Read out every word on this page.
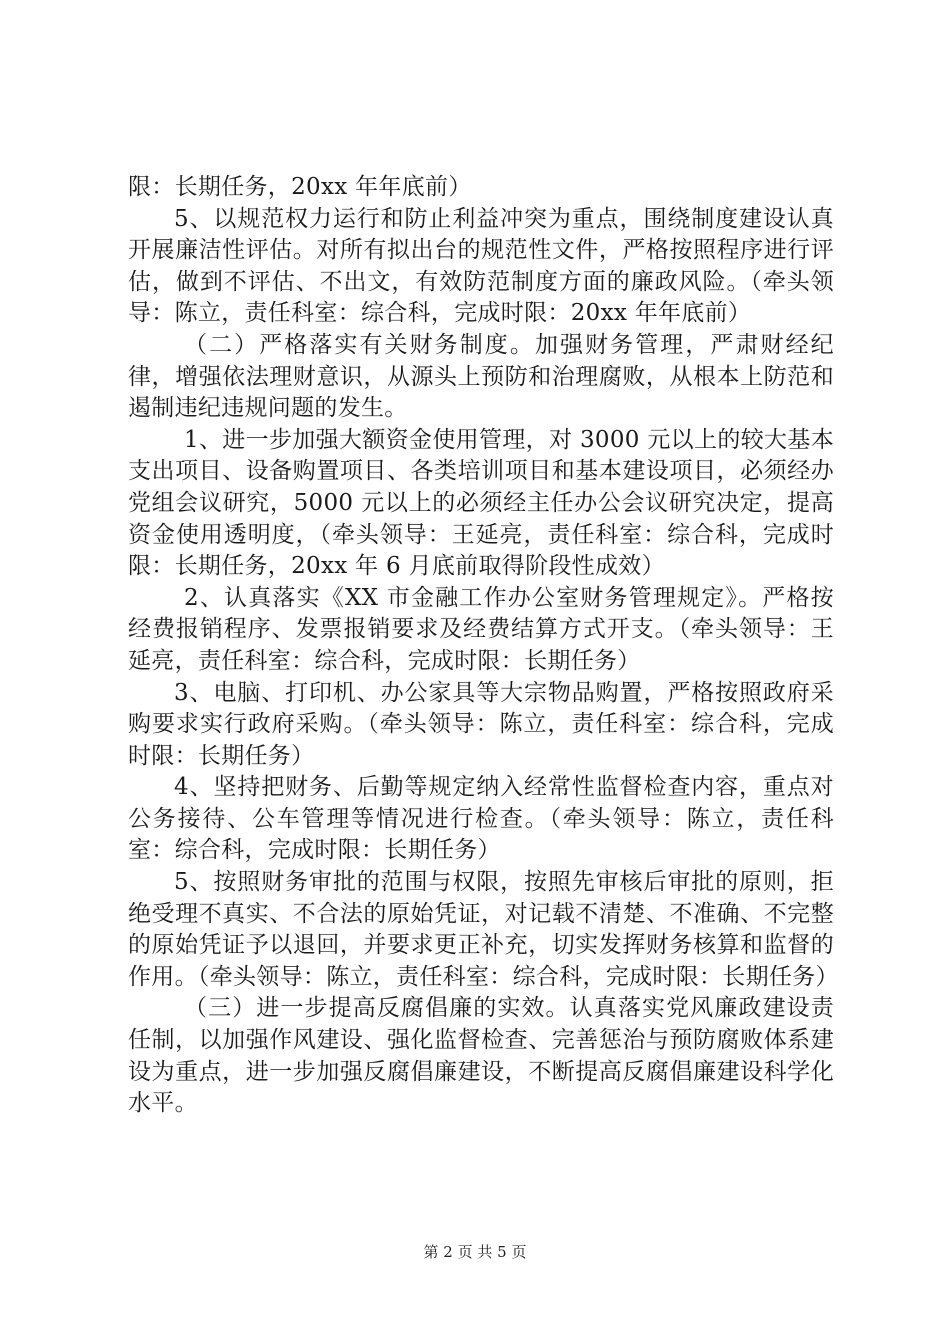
限：长期任务，20xx 年年底前）

5、以规范权力运行和防止利益冲突为重点，围绕制度建设认真开展廉洁性评估。对所有拟出台的规范性文件，严格按照程序进行评估，做到不评估、不出文，有效防范制度方面的廉政风险。（牵头领导：陈立，责任科室：综合科，完成时限：20xx 年年底前）

（二）严格落实有关财务制度。加强财务管理，严肃财经纪律，增强依法理财意识，从源头上预防和治理腐败，从根本上防范和遏制违纪违规问题的发生。

1、进一步加强大额资金使用管理，对 3000 元以上的较大基本支出项目、设备购置项目、各类培训项目和基本建设项目，必须经办党组会议研究，5000 元以上的必须经主任办公会议研究决定，提高资金使用透明度，（牵头领导：王延亮，责任科室：综合科，完成时限：长期任务，20xx 年 6 月底前取得阶段性成效）

2、认真落实《XX 市金融工作办公室财务管理规定》。严格按经费报销程序、发票报销要求及经费结算方式开支。（牵头领导：王延亮，责任科室：综合科，完成时限：长期任务）

3、电脑、打印机、办公家具等大宗物品购置，严格按照政府采购要求实行政府采购。（牵头领导：陈立，责任科室：综合科，完成时限：长期任务）

4、坚持把财务、后勤等规定纳入经常性监督检查内容，重点对公务接待、公车管理等情况进行检查。（牵头领导：陈立，责任科室：综合科，完成时限：长期任务）

5、按照财务审批的范围与权限，按照先审核后审批的原则，拒绝受理不真实、不合法的原始凭证，对记载不清楚、不准确、不完整的原始凭证予以退回，并要求更正补充，切实发挥财务核算和监督的作用。（牵头领导：陈立，责任科室：综合科，完成时限：长期任务）

（三）进一步提高反腐倡廉的实效。认真落实党风廉政建设责任制，以加强作风建设、强化监督检查、完善惩治与预防腐败体系建设为重点，进一步加强反腐倡廉建设，不断提高反腐倡廉建设科学化水平。

第 2 页 共 5 页
